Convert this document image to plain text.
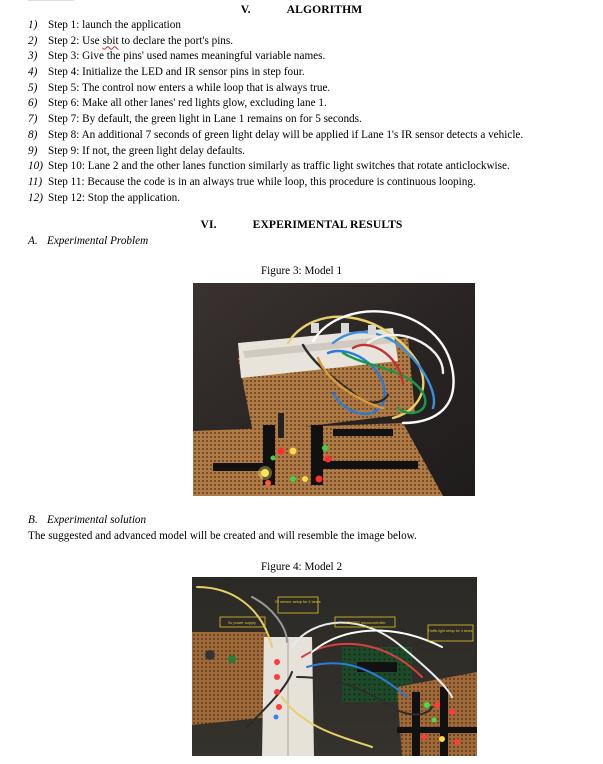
V.	ALGORITHM
1) Step 1: launch the application
2) Step 2: Use sbit to declare the port's pins.
3) Step 3: Give the pins' used names meaningful variable names.
4) Step 4: Initialize the LED and IR sensor pins in step four.
5) Step 5: The control now enters a while loop that is always true.
6) Step 6: Make all other lanes' red lights glow, excluding lane 1.
7) Step 7: By default, the green light in Lane 1 remains on for 5 seconds.
8) Step 8: An additional 7 seconds of green light delay will be applied if Lane 1's IR sensor detects a vehicle.
9) Step 9: If not, the green light delay defaults.
10) Step 10: Lane 2 and the other lanes function similarly as traffic light switches that rotate anticlockwise.
11) Step 11: Because the code is in an always true while loop, this procedure is continuous looping.
12) Step 12: Stop the application.
VI.	EXPERIMENTAL RESULTS
A. Experimental Problem
Figure 3: Model 1
B. Experimental solution
The suggested and advanced model will be created and will resemble the image below.
Figure 4: Model 2
IR sensor setup for 4 lanes
5v power supply	AT89S52 microcontroller
Traffic light setup for 4 lanes
